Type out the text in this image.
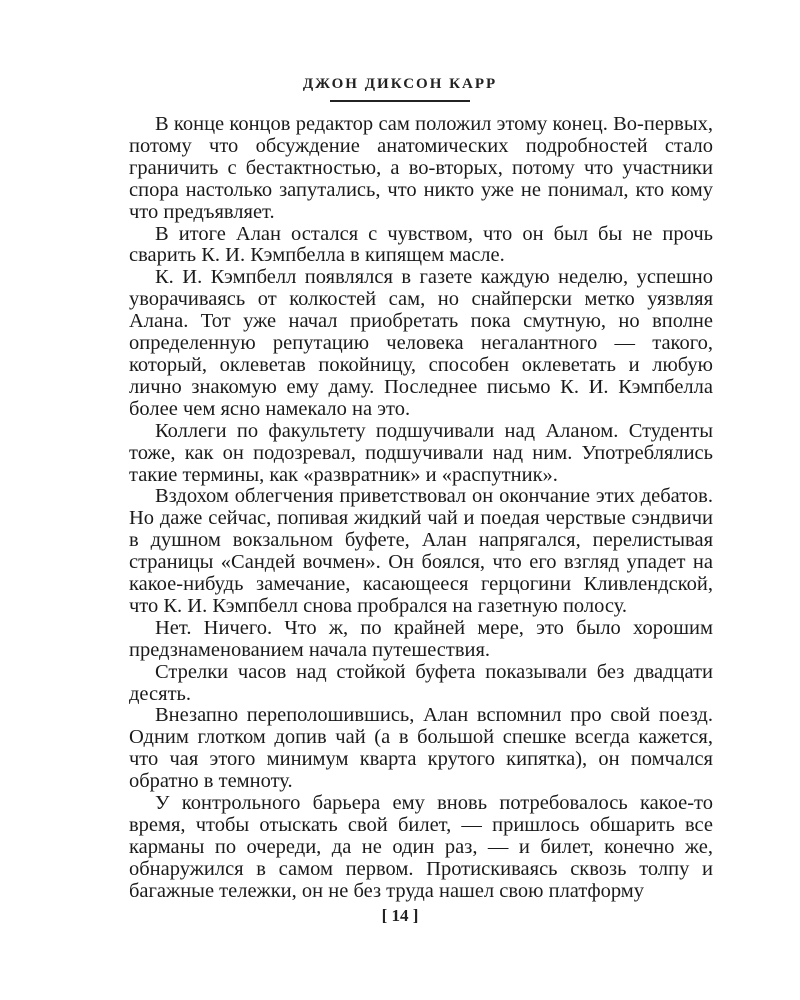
ДЖОН ДИКСОН КАРР

В конце концов редактор сам положил этому конец. Во-первых, потому что обсуждение анатомических подробностей стало граничить с бестактностью, а во-вторых, потому что участники спора настолько запутались, что никто уже не понимал, кто кому что предъявляет.

В итоге Алан остался с чувством, что он был бы не прочь сварить К. И. Кэмпбелла в кипящем масле.

К. И. Кэмпбелл появлялся в газете каждую неделю, успешно уворачиваясь от колкостей сам, но снайперски метко уязвляя Алана. Тот уже начал приобретать пока смутную, но вполне определенную репутацию человека негалантного — такого, который, оклеветав покойницу, способен оклеветать и любую лично знакомую ему даму. Последнее письмо К. И. Кэмпбелла более чем ясно намекало на это.

Коллеги по факультету подшучивали над Аланом. Студенты тоже, как он подозревал, подшучивали над ним. Употреблялись такие термины, как «развратник» и «распутник».

Вздохом облегчения приветствовал он окончание этих дебатов. Но даже сейчас, попивая жидкий чай и поедая черствые сэндвичи в душном вокзальном буфете, Алан напрягался, перелистывая страницы «Сандей вочмен». Он боялся, что его взгляд упадет на какое-нибудь замечание, касающееся герцогини Кливлендской, что К. И. Кэмпбелл снова пробрался на газетную полосу.

Нет. Ничего. Что ж, по крайней мере, это было хорошим предзнаменованием начала путешествия.

Стрелки часов над стойкой буфета показывали без двадцати десять.

Внезапно переполошившись, Алан вспомнил про свой поезд. Одним глотком допив чай (а в большой спешке всегда кажется, что чая этого минимум кварта крутого кипятка), он помчался обратно в темноту.

У контрольного барьера ему вновь потребовалось какое-то время, чтобы отыскать свой билет, — пришлось обшарить все карманы по очереди, да не один раз, — и билет, конечно же, обнаружился в самом первом. Протискиваясь сквозь толпу и багажные тележки, он не без труда нашел свою платформу

[ 14 ]
